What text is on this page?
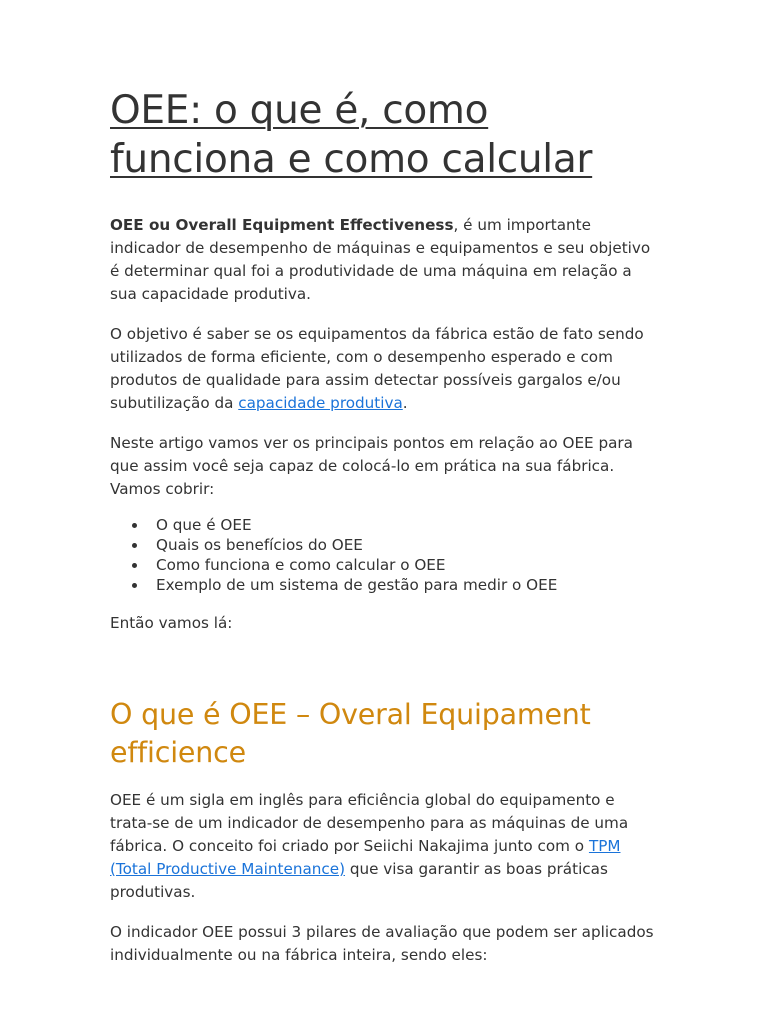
OEE: o que é, como funciona e como calcular

OEE ou Overall Equipment Effectiveness, é um importante indicador de desempenho de máquinas e equipamentos e seu objetivo é determinar qual foi a produtividade de uma máquina em relação a sua capacidade produtiva.

O objetivo é saber se os equipamentos da fábrica estão de fato sendo utilizados de forma eficiente, com o desempenho esperado e com produtos de qualidade para assim detectar possíveis gargalos e/ou subutilização da capacidade produtiva.

Neste artigo vamos ver os principais pontos em relação ao OEE para que assim você seja capaz de colocá-lo em prática na sua fábrica. Vamos cobrir:

O que é OEE
Quais os benefícios do OEE
Como funciona e como calcular o OEE
Exemplo de um sistema de gestão para medir o OEE

Então vamos lá:

O que é OEE – Overal Equipament efficience

OEE é um sigla em inglês para eficiência global do equipamento e trata-se de um indicador de desempenho para as máquinas de uma fábrica. O conceito foi criado por Seiichi Nakajima junto com o TPM (Total Productive Maintenance) que visa garantir as boas práticas produtivas.

O indicador OEE possui 3 pilares de avaliação que podem ser aplicados individualmente ou na fábrica inteira, sendo eles:
